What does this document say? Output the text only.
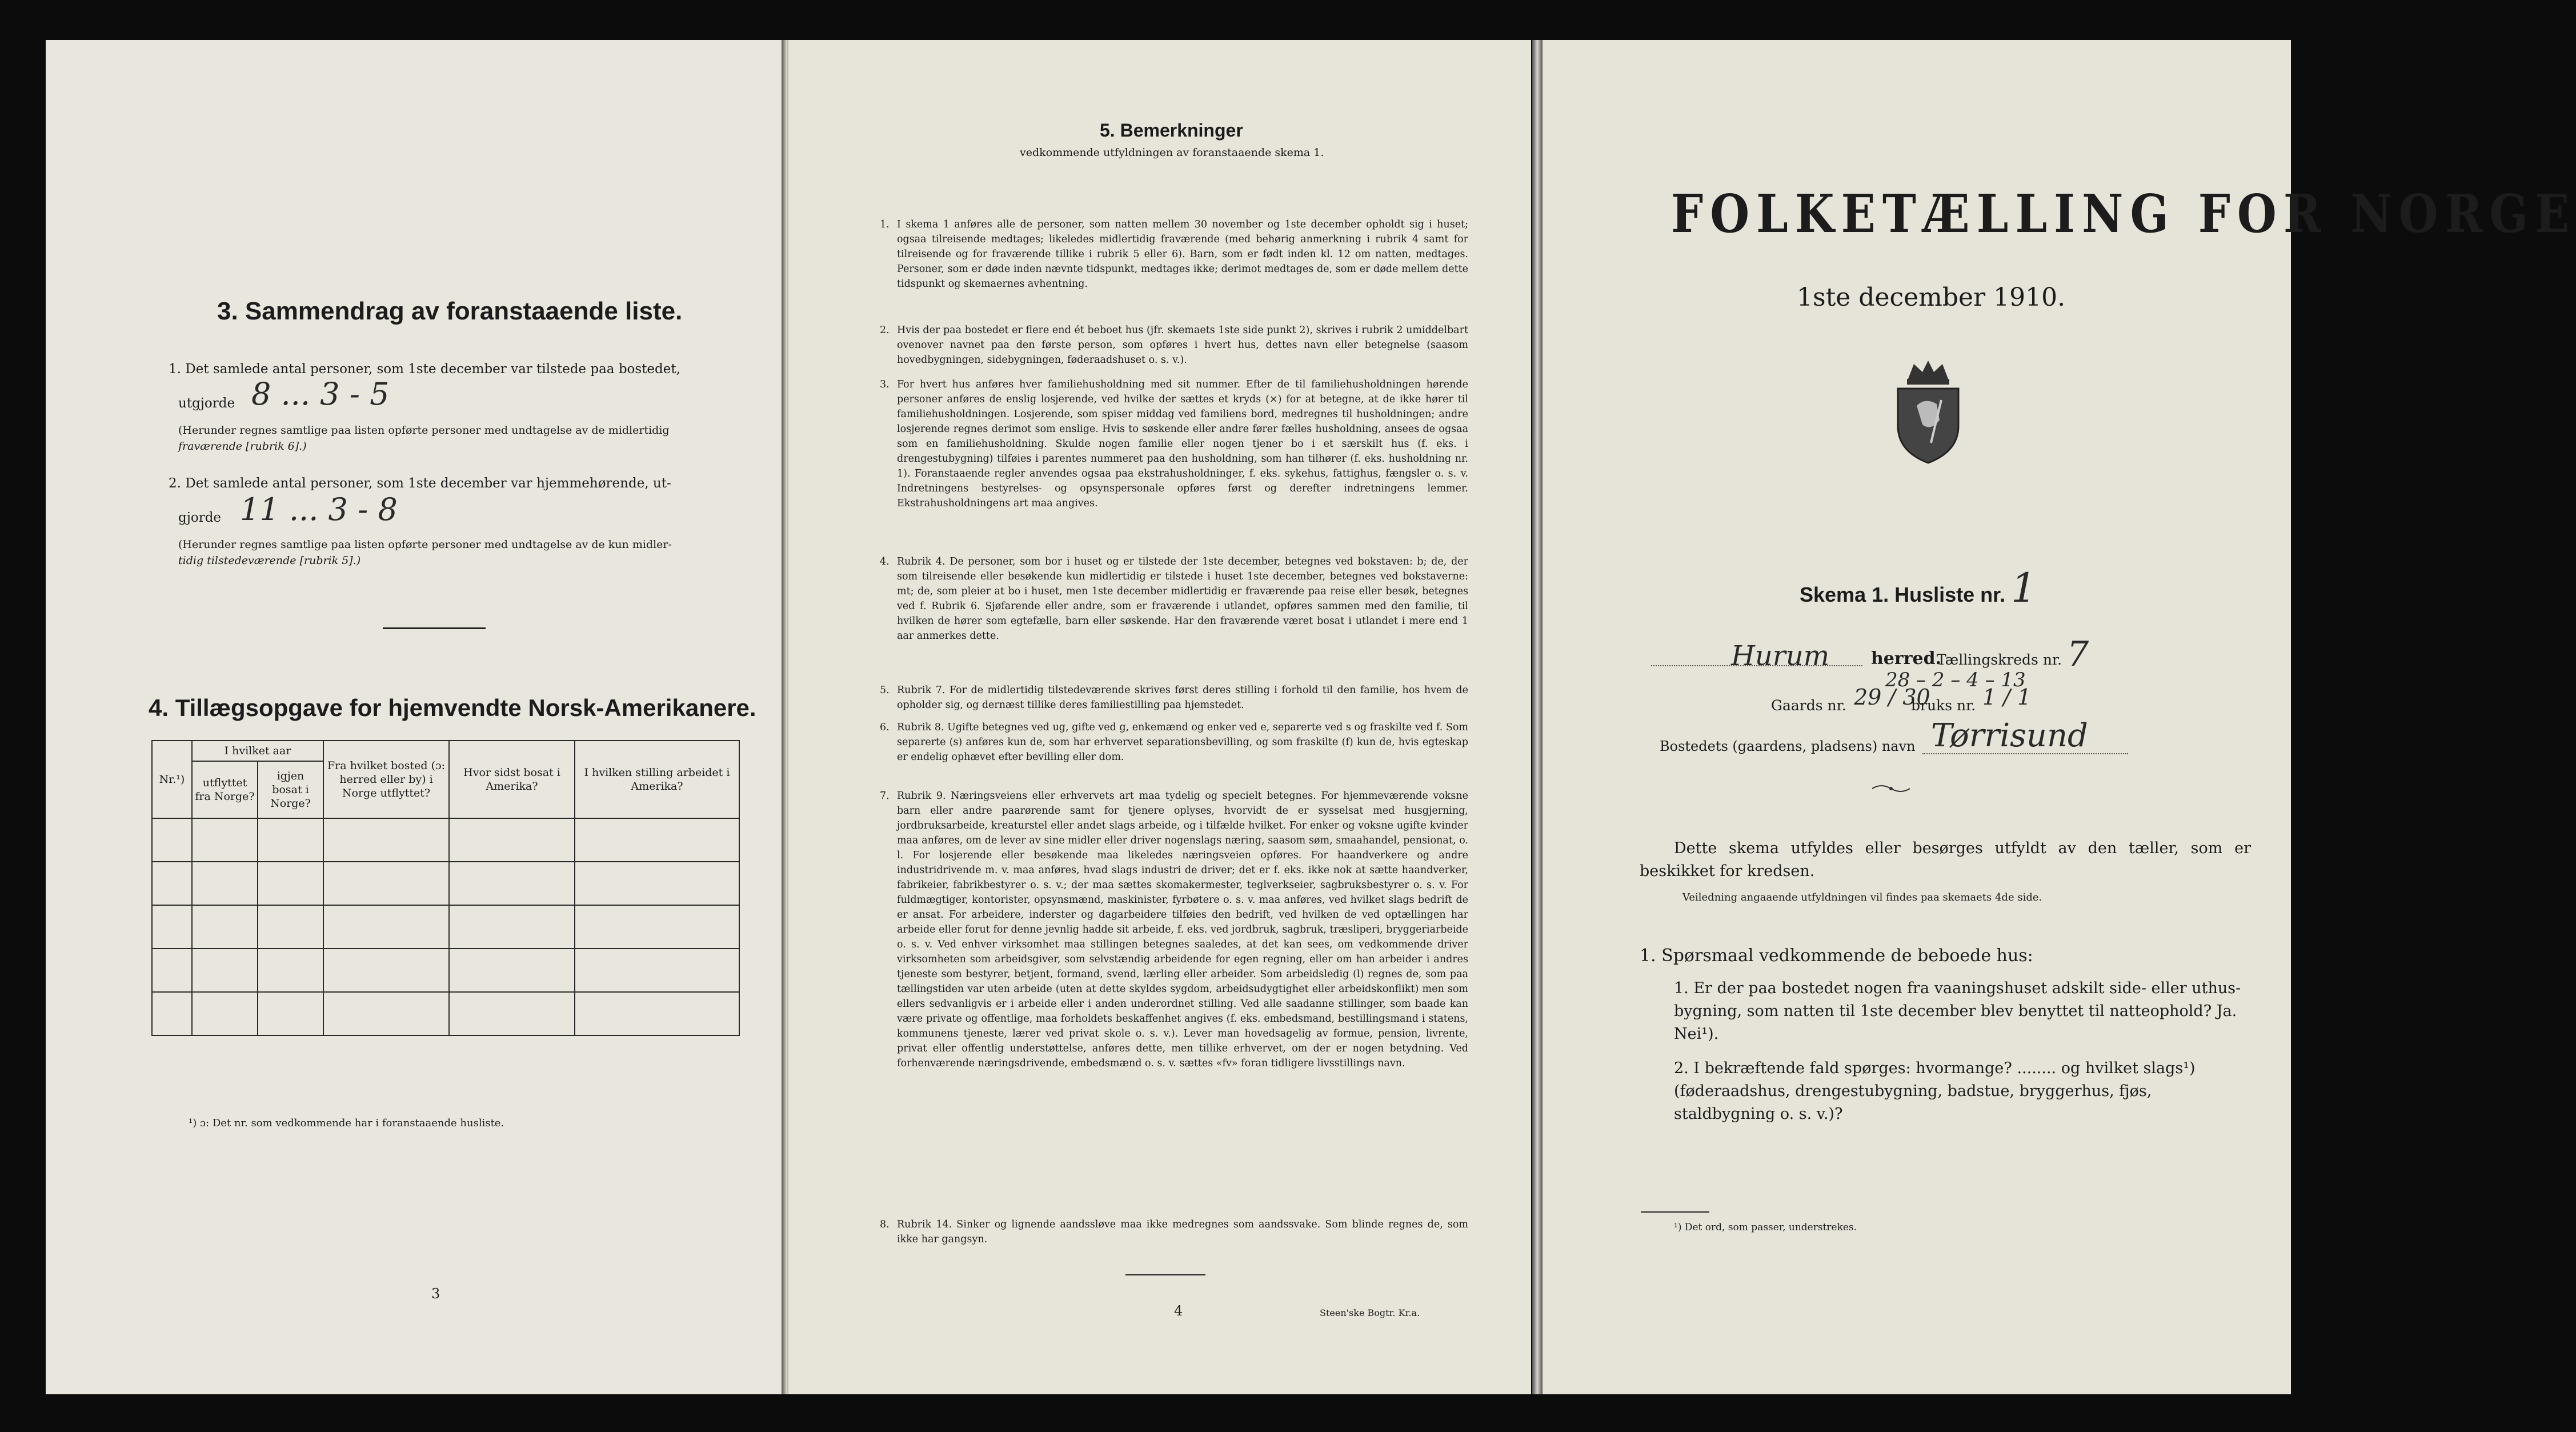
3. Sammendrag av foranstaaende liste.
1. Det samlede antal personer, som 1ste december var tilstede paa bostedet,
utgjorde 8 ... 3 - 5
(Herunder regnes samtlige paa listen opførte personer med undtagelse av de midlertidig
fraværende [rubrik 6].)
2. Det samlede antal personer, som 1ste december var hjemmehørende, ut-
gjorde 11 ... 3 - 8
(Herunder regnes samtlige paa listen opførte personer med undtagelse av de kun midler-
tidig tilstedeværende [rubrik 5].)
4. Tillægsopgave for hjemvendte Norsk-Amerikanere.
Nr.¹)	I hvilket aar		Fra hvilket bosted (ɔ: herred eller by) i Norge utflyttet?	Hvor sidst bosat i Amerika?	I hvilken stilling arbeidet i Amerika?
	utflyttet fra Norge?	igjen bosat i Norge?			

¹) ɔ: Det nr. som vedkommende har i foranstaaende husliste.
3
5. Bemerkninger
vedkommende utfyldningen av foranstaaende skema 1.
1. I skema 1 anføres alle de personer, som natten mellem 30 november og 1ste december opholdt sig i huset; ogsaa tilreisende medtages; likeledes midlertidig fraværende (med behørig anmerkning i rubrik 4 samt for tilreisende og for fraværende tillike i rubrik 5 eller 6). Barn, som er født inden kl. 12 om natten, medtages. Personer, som er døde inden nævnte tidspunkt, medtages ikke; derimot medtages de, som er døde mellem dette tidspunkt og skemaernes avhentning.
2. Hvis der paa bostedet er flere end ét beboet hus (jfr. skemaets 1ste side punkt 2), skrives i rubrik 2 umiddelbart ovenover navnet paa den første person, som opføres i hvert hus, dettes navn eller betegnelse (saasom hovedbygningen, sidebygningen, føderaadshuset o. s. v.).
3. For hvert hus anføres hver familiehusholdning med sit nummer. Efter de til familiehusholdningen hørende personer anføres de enslig losjerende, ved hvilke der sættes et kryds (×) for at betegne, at de ikke hører til familiehusholdningen. Losjerende, som spiser middag ved familiens bord, medregnes til husholdningen; andre losjerende regnes derimot som enslige. Hvis to søskende eller andre fører fælles husholdning, ansees de ogsaa som en familiehusholdning. Skulde nogen familie eller nogen tjener bo i et særskilt hus (f. eks. i drengestubygning) tilføies i parentes nummeret paa den husholdning, som han tilhører (f. eks. husholdning nr. 1). Foranstaaende regler anvendes ogsaa paa ekstrahusholdninger, f. eks. sykehus, fattighus, fængsler o. s. v. Indretningens bestyrelses- og opsynspersonale opføres først og derefter indretningens lemmer. Ekstrahusholdningens art maa angives.
4. Rubrik 4. De personer, som bor i huset og er tilstede der 1ste december, betegnes ved bokstaven: b; de, der som tilreisende eller besøkende kun midlertidig er tilstede i huset 1ste december, betegnes ved bokstaverne: mt; de, som pleier at bo i huset, men 1ste december midlertidig er fraværende paa reise eller besøk, betegnes ved f. Rubrik 6. Sjøfarende eller andre, som er fraværende i utlandet, opføres sammen med den familie, til hvilken de hører som egtefælle, barn eller søskende. Har den fraværende været bosat i utlandet i mere end 1 aar anmerkes dette.
5. Rubrik 7. For de midlertidig tilstedeværende skrives først deres stilling i forhold til den familie, hos hvem de opholder sig, og dernæst tillike deres familiestilling paa hjemstedet.
6. Rubrik 8. Ugifte betegnes ved ug, gifte ved g, enkemænd og enker ved e, separerte ved s og fraskilte ved f. Som separerte (s) anføres kun de, som har erhvervet separationsbevilling, og som fraskilte (f) kun de, hvis egteskap er endelig ophævet efter bevilling eller dom.
7. Rubrik 9. Næringsveiens eller erhvervets art maa tydelig og specielt betegnes. For hjemmeværende voksne barn eller andre paarørende samt for tjenere oplyses, hvorvidt de er sysselsat med husgjerning, jordbruksarbeide, kreaturstel eller andet slags arbeide, og i tilfælde hvilket. For enker og voksne ugifte kvinder maa anføres, om de lever av sine midler eller driver nogenslags næring, saasom søm, smaahandel, pensionat, o. l. For losjerende eller besøkende maa likeledes næringsveien opføres. For haandverkere og andre industridrivende m. v. maa anføres, hvad slags industri de driver; det er f. eks. ikke nok at sætte haandverker, fabrikeier, fabrikbestyrer o. s. v.; der maa sættes skomakermester, teglverkseier, sagbruksbestyrer o. s. v. For fuldmægtiger, kontorister, opsynsmænd, maskinister, fyrbøtere o. s. v. maa anføres, ved hvilket slags bedrift de er ansat. For arbeidere, inderster og dagarbeidere tilføies den bedrift, ved hvilken de ved optællingen har arbeide eller forut for denne jevnlig hadde sit arbeide, f. eks. ved jordbruk, sagbruk, træsliperi, bryggeriarbeide o. s. v. Ved enhver virksomhet maa stillingen betegnes saaledes, at det kan sees, om vedkommende driver virksomheten som arbeidsgiver, som selvstændig arbeidende for egen regning, eller om han arbeider i andres tjeneste som bestyrer, betjent, formand, svend, lærling eller arbeider. Som arbeidsledig (l) regnes de, som paa tællingstiden var uten arbeide (uten at dette skyldes sygdom, arbeidsudygtighet eller arbeidskonflikt) men som ellers sedvanligvis er i arbeide eller i anden underordnet stilling. Ved alle saadanne stillinger, som baade kan være private og offentlige, maa forholdets beskaffenhet angives (f. eks. embedsmand, bestillingsmand i statens, kommunens tjeneste, lærer ved privat skole o. s. v.). Lever man hovedsagelig av formue, pension, livrente, privat eller offentlig understøttelse, anføres dette, men tillike erhvervet, om der er nogen betydning. Ved forhenværende næringsdrivende, embedsmænd o. s. v. sættes «fv» foran tidligere livsstillings navn.
8. Rubrik 14. Sinker og lignende aandssløve maa ikke medregnes som aandssvake. Som blinde regnes de, som ikke har gangsyn.
4	Steen'ske Bogtr. Kr.a.
FOLKETÆLLING FOR NORGE
1ste december 1910.
Skema 1. Husliste nr. 1
Hurum herred.
Tællingskreds nr. 7
28 – 2 – 4 – 13
Gaards nr. 29 / 30
bruks nr. 1 / 1
Bostedets (gaardens, pladsens) navn Tørrisund
Dette skema utfyldes eller besørges utfyldt av den tæller, som er beskikket for kredsen.
Veiledning angaaende utfyldningen vil findes paa skemaets 4de side.
1. Spørsmaal vedkommende de beboede hus:
1. Er der paa bostedet nogen fra vaaningshuset adskilt side- eller uthus-bygning, som natten til 1ste december blev benyttet til natteophold? Ja. Nei¹).
2. I bekræftende fald spørges: hvormange? ........ og hvilket slags¹) (føderaadshus, drengestubygning, badstue, bryggerhus, fjøs, staldbygning o. s. v.)?
¹) Det ord, som passer, understrekes.
